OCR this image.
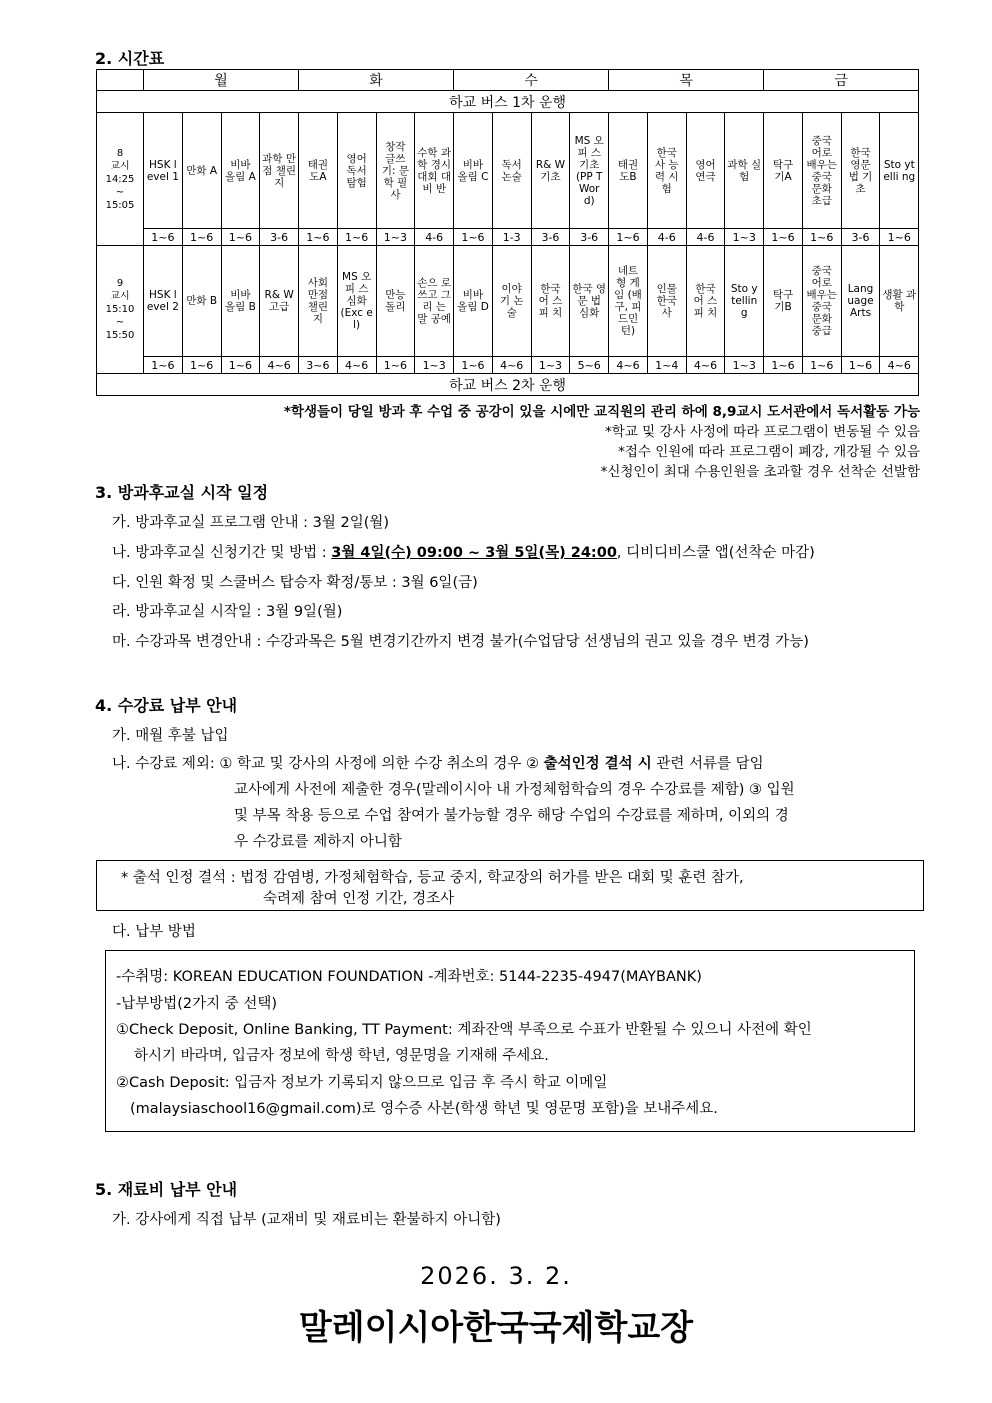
2. 시간표
	월				화				수				목				금			
하교 버스 1차 운행																				

8
교시
14:25
~
15:05	HSK level 1	만화 A	비바 올림 A	과학 만점 챌린 지	태권 도A	영어 독서 탐험	창작 글쓰 기: 문 학 필사	수학 과학 경시 대회 대비 반	비바 올림 C	독서 논술	R& W 기초	MS 오피 스 기초 (PP T Wor d)	태권 도B	한국 사 능력 시험	영어 연극	과학 실험	탁구 기A	중국 어로 배우는 중국 문화 초급	한국 영문 법 기초	Sto ytelli ng
	1~6	1~6	1~6	3-6	1~6	1~6	1~3	4-6	1~6	1-3	3-6	3-6	1~6	4-6	4-6	1~3	1~6	1~6	3-6	1~6

9
교시
15:10
~
15:50	HSK level 2	만화 B	비바 올림 B	R& W 고급	사회 만점 챌린 지	MS 오피 스 심화 (Exc el)	만능 돌리	손으 로 쓰고 그리 는 말 공예	비바 올림 D	이야 기 논술	한국 어 스피 치	한국 영문 법 심화	네트 형 게임 (배 구, 피 드민턴)	인물 한국 사	한국 어 스피 치	Sto y tellin g	탁구 기B	중국 어로 배우는 중국 문화 중급	Lang uage Arts	생활 과학
	1~6	1~6	1~6	4~6	3~6	4~6	1~6	1~3	1~6	4~6	1~3	5~6	4~6	1~4	4~6	1~3	1~6	1~6	1~6	4~6
하교 버스 2차 운행																				
*학생들이 당일 방과 후 수업 중 공강이 있을 시에만 교직원의 관리 하에 8,9교시 도서관에서 독서활동 가능
*학교 및 강사 사정에 따라 프로그램이 변동될 수 있음
*접수 인원에 따라 프로그램이 폐강, 개강될 수 있음
*신청인이 최대 수용인원을 초과할 경우 선착순 선발함
3. 방과후교실 시작 일정
가. 방과후교실 프로그램 안내 : 3월 2일(월)
나. 방과후교실 신청기간 및 방법 : 3월 4일(수) 09:00 ~ 3월 5일(목) 24:00, 디비디비스쿨 앱(선착순 마감)
다. 인원 확정 및 스쿨버스 탑승자 확정/통보 : 3월 6일(금)
라. 방과후교실 시작일 : 3월 9일(월)
마. 수강과목 변경안내 : 수강과목은 5월 변경기간까지 변경 불가(수업담당 선생님의 권고 있을 경우 변경 가능)
4. 수강료 납부 안내
가. 매월 후불 납입
나. 수강료 제외: ① 학교 및 강사의 사정에 의한 수강 취소의 경우 ② 출석인정 결석 시 관련 서류를 담임
교사에게 사전에 제출한 경우(말레이시아 내 가정체험학습의 경우 수강료를 제함) ③ 입원
및 부목 착용 등으로 수업 참여가 불가능할 경우 해당 수업의 수강료를 제하며, 이외의 경
우 수강료를 제하지 아니함
* 출석 인정 결석 : 법정 감염병, 가정체험학습, 등교 중지, 학교장의 허가를 받은 대회 및 훈련 참가,
숙려제 참여 인정 기간, 경조사
다. 납부 방법
-수취명: KOREAN EDUCATION FOUNDATION -계좌번호: 5144-2235-4947(MAYBANK)
-납부방법(2가지 중 선택)
①Check Deposit, Online Banking, TT Payment: 계좌잔액 부족으로 수표가 반환될 수 있으니 사전에 확인
하시기 바라며, 입금자 정보에 학생 학년, 영문명을 기재해 주세요.
②Cash Deposit: 입금자 정보가 기록되지 않으므로 입금 후 즉시 학교 이메일
(malaysiaschool16@gmail.com)로 영수증 사본(학생 학년 및 영문명 포함)을 보내주세요.
5. 재료비 납부 안내
가. 강사에게 직접 납부 (교재비 및 재료비는 환불하지 아니함)
2026. 3. 2.
말레이시아한국국제학교장
